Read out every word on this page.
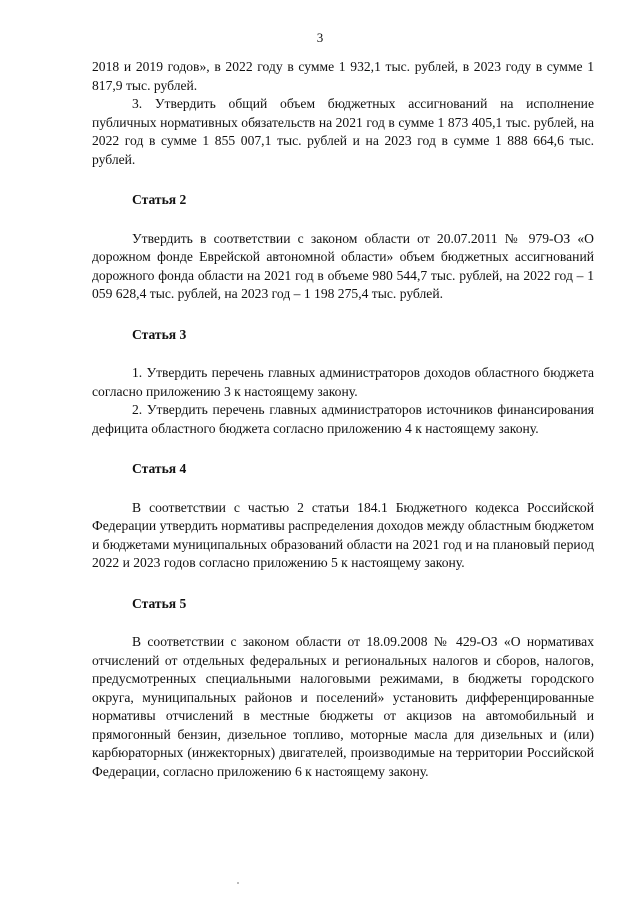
3

2018 и 2019 годов», в 2022 году в сумме 1 932,1 тыс. рублей, в 2023 году в сумме 1 817,9 тыс. рублей.

3. Утвердить общий объем бюджетных ассигнований на исполнение публичных нормативных обязательств на 2021 год в сумме 1 873 405,1 тыс. рублей, на 2022 год в сумме 1 855 007,1 тыс. рублей и на 2023 год в сумме 1 888 664,6 тыс. рублей.

Статья 2

Утвердить в соответствии с законом области от 20.07.2011 № 979-ОЗ «О дорожном фонде Еврейской автономной области» объем бюджетных ассигнований дорожного фонда области на 2021 год в объеме 980 544,7 тыс. рублей, на 2022 год – 1 059 628,4 тыс. рублей, на 2023 год – 1 198 275,4 тыс. рублей.

Статья 3

1. Утвердить перечень главных администраторов доходов областного бюджета согласно приложению 3 к настоящему закону.

2. Утвердить перечень главных администраторов источников финансирования дефицита областного бюджета согласно приложению 4 к настоящему закону.

Статья 4

В соответствии с частью 2 статьи 184.1 Бюджетного кодекса Российской Федерации утвердить нормативы распределения доходов между областным бюджетом и бюджетами муниципальных образований области на 2021 год и на плановый период 2022 и 2023 годов согласно приложению 5 к настоящему закону.

Статья 5

В соответствии с законом области от 18.09.2008 № 429-ОЗ «О нормативах отчислений от отдельных федеральных и региональных налогов и сборов, налогов, предусмотренных специальными налоговыми режимами, в бюджеты городского округа, муниципальных районов и поселений» установить дифференцированные нормативы отчислений в местные бюджеты от акцизов на автомобильный и прямогонный бензин, дизельное топливо, моторные масла для дизельных и (или) карбюраторных (инжекторных) двигателей, производимые на территории Российской Федерации, согласно приложению 6 к настоящему закону.
